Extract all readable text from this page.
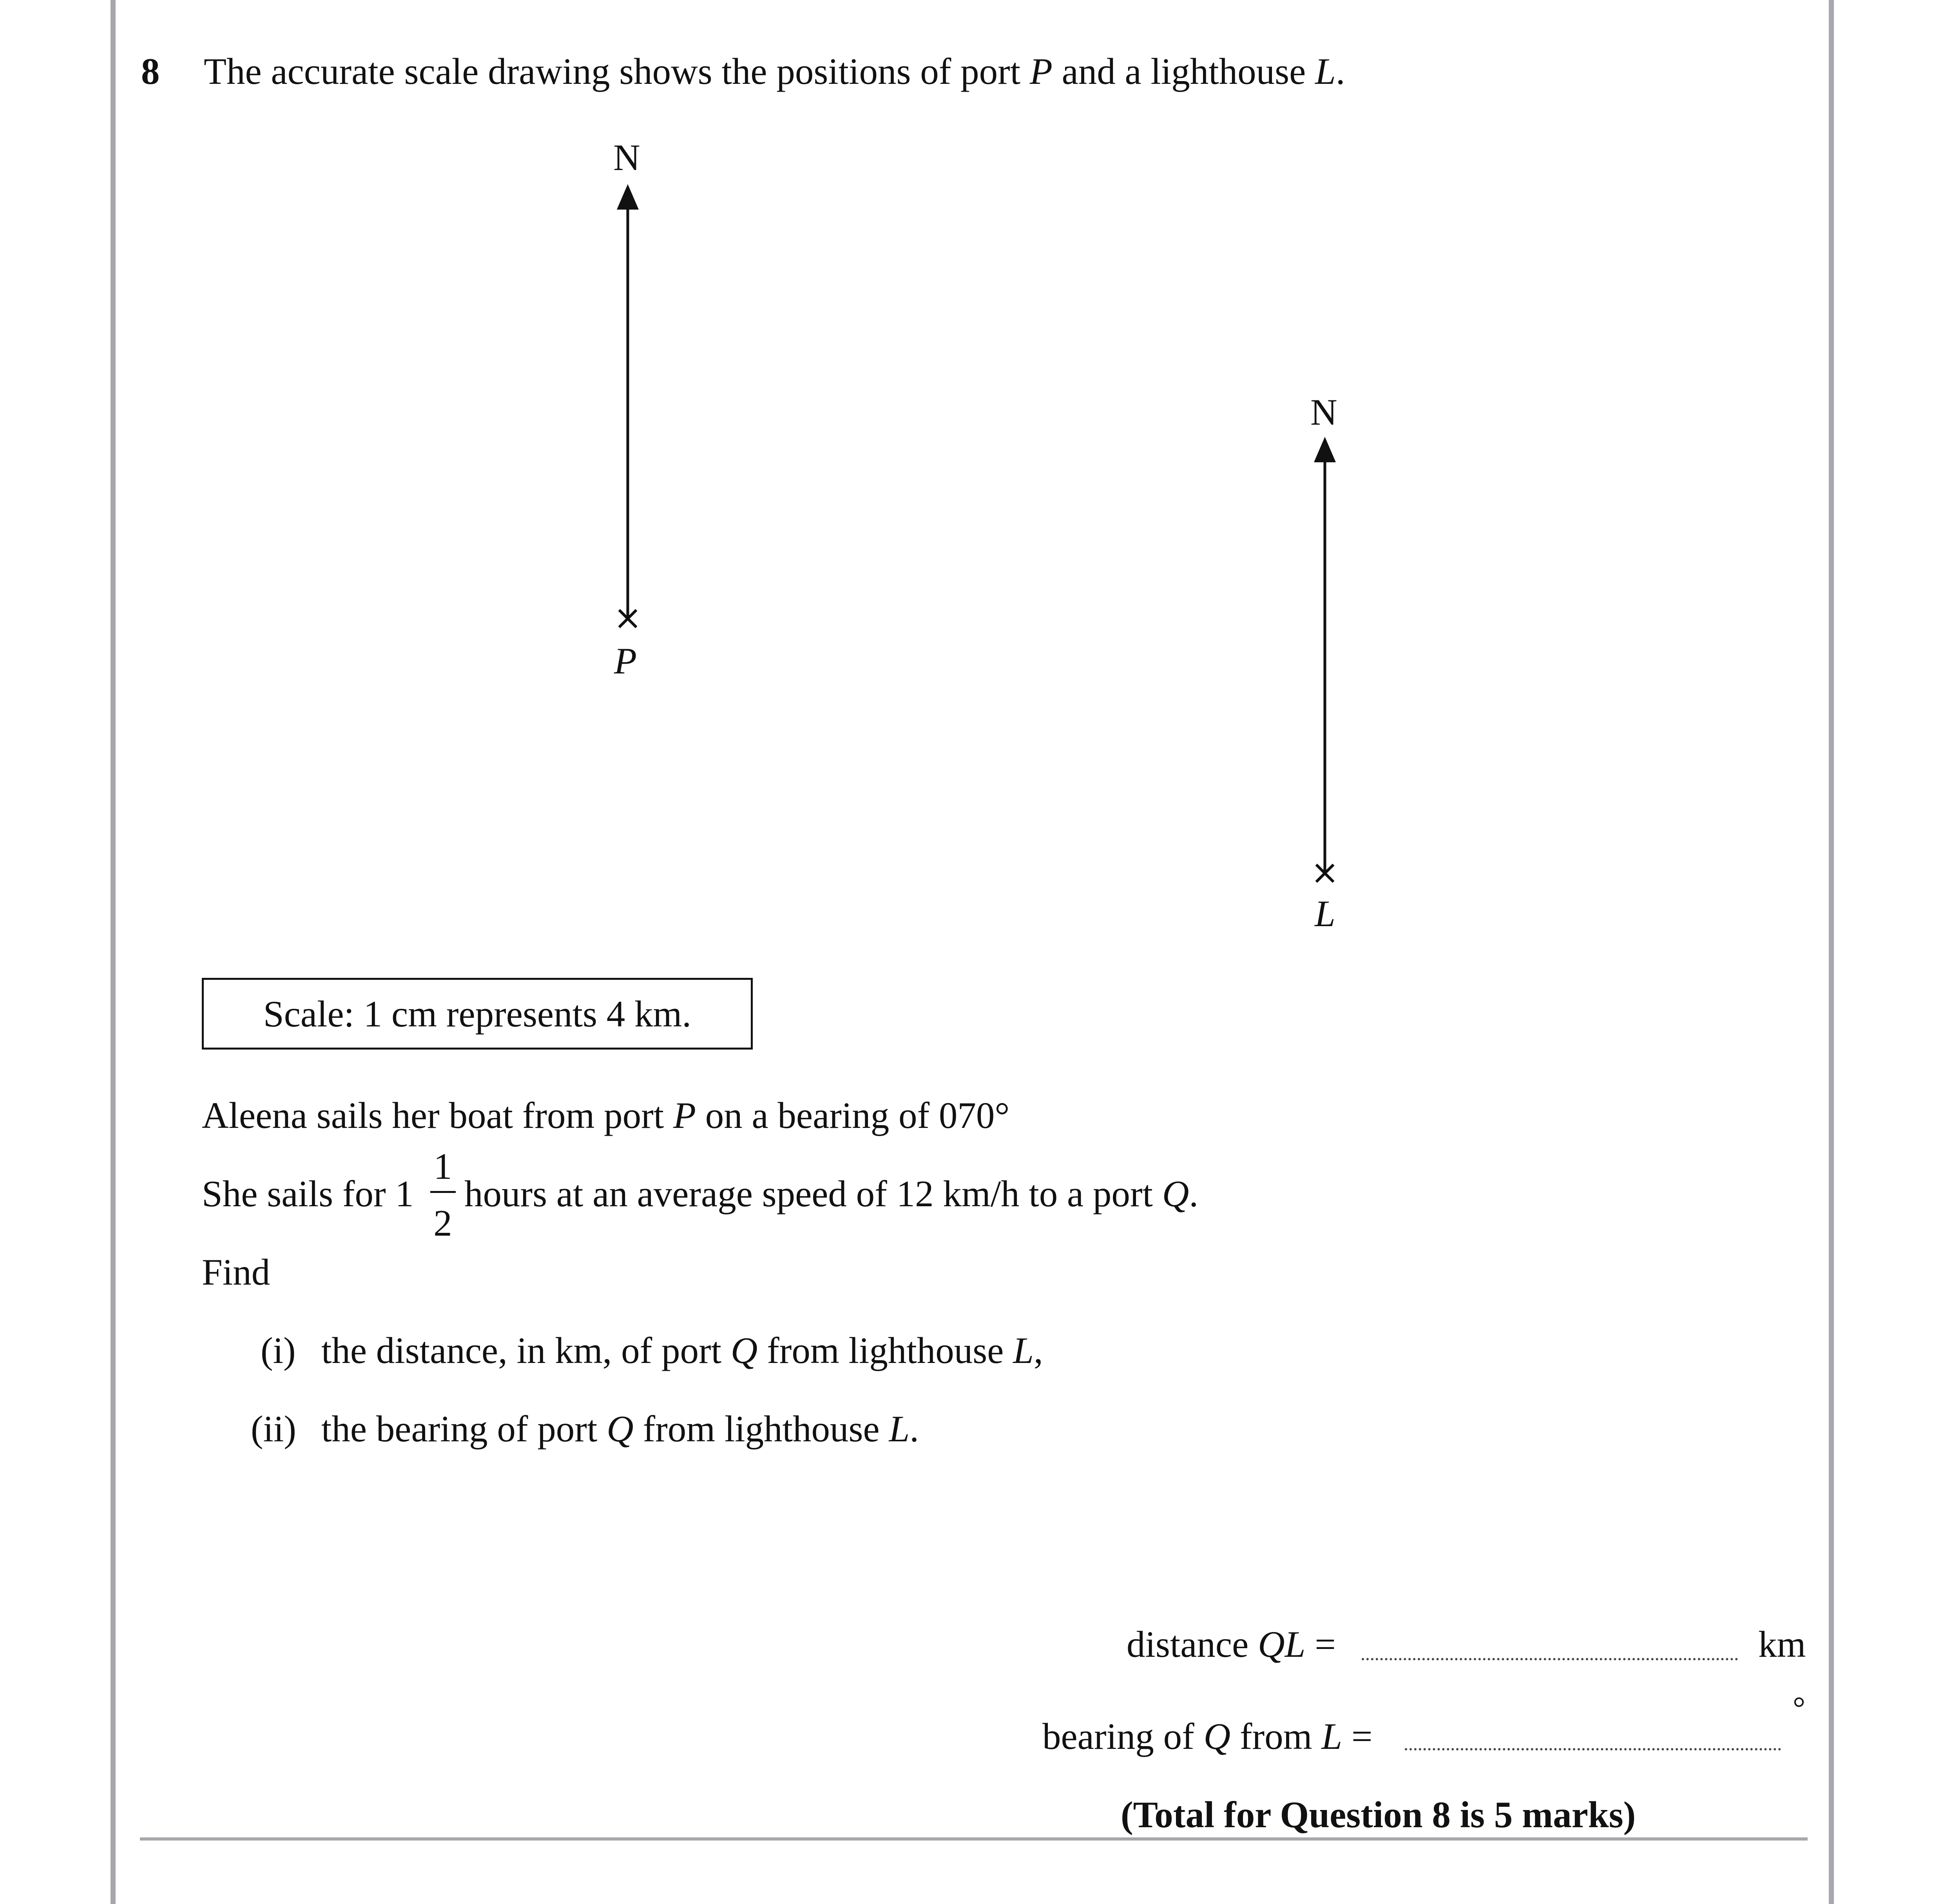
8 The accurate scale drawing shows the positions of port P and a lighthouse L.
N
P
N
L
Scale: 1 cm represents 4 km.
Aleena sails her boat from port P on a bearing of 070°
She sails for 1
1
2
hours at an average speed of 12 km/h to a port Q.
Find
(i) the distance, in km, of port Q from lighthouse L,
(ii) the bearing of port Q from lighthouse L.
distance QL =	km
bearing of Q from L =
°
(Total for Question 8 is 5 marks)
